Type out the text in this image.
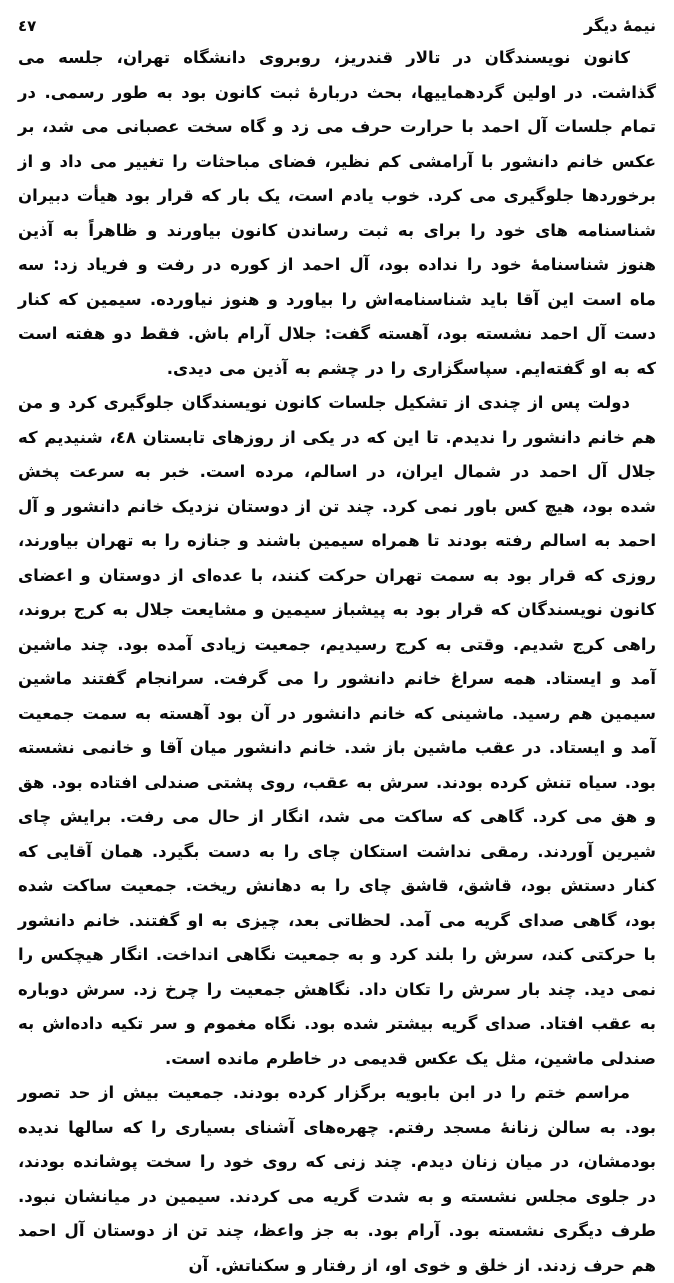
نیمهٔ دیگر
٤٧

کانون نویسندگان در تالار قندریز، روبروی دانشگاه تهران، جلسه می گذاشت. در اولین گردهماییها، بحث دربارهٔ ثبت کانون بود به طور رسمی. در تمام جلسات آل احمد با حرارت حرف می زد و گاه سخت عصبانی می شد، بر عکس خانم دانشور با آرامشی کم نظیر، فضای مباحثات را تغییر می داد و از برخوردها جلوگیری می کرد. خوب یادم است، یک بار که قرار بود هیأت دبیران شناسنامه های خود را برای به ثبت رساندن کانون بیاورند و ظاهراً به آذین هنوز شناسنامهٔ خود را نداده بود، آل احمد از کوره در رفت و فریاد زد: سه ماه است این آقا باید شناسنامه‌اش را بیاورد و هنوز نیاورده. سیمین که کنار دست آل احمد نشسته بود، آهسته گفت: جلال آرام باش. فقط دو هفته است که به او گفته‌ایم. سپاسگزاری را در چشم به آذین می دیدی.

دولت پس از چندی از تشکیل جلسات کانون نویسندگان جلوگیری کرد و من هم خانم دانشور را ندیدم. تا این که در یکی از روزهای تابستان ٤٨، شنیدیم که جلال آل احمد در شمال ایران، در اسالم، مرده است. خبر به سرعت پخش شده بود، هیچ کس باور نمی کرد. چند تن از دوستان نزدیک خانم دانشور و آل احمد به اسالم رفته بودند تا همراه سیمین باشند و جنازه را به تهران بیاورند، روزی که قرار بود به سمت تهران حرکت کنند، با عده‌ای از دوستان و اعضای کانون نویسندگان که قرار بود به پیشباز سیمین و مشایعت جلال به کرج بروند، راهی کرج شدیم. وقتی به کرج رسیدیم، جمعیت زیادی آمده بود. چند ماشین آمد و ایستاد. همه سراغ خانم دانشور را می گرفت. سرانجام گفتند ماشین سیمین هم رسید. ماشینی که خانم دانشور در آن بود آهسته به سمت جمعیت آمد و ایستاد. در عقب ماشین باز شد. خانم دانشور میان آقا و خانمی نشسته بود. سیاه تنش کرده بودند. سرش به عقب، روی پشتی صندلی افتاده بود. هق و هق می کرد. گاهی که ساکت می شد، انگار از حال می رفت. برایش چای شیرین آوردند. رمقی نداشت استکان چای را به دست بگیرد. همان آقایی که کنار دستش بود، قاشق، قاشق چای را به دهانش ریخت. جمعیت ساکت شده بود، گاهی صدای گریه می آمد. لحظاتی بعد، چیزی به او گفتند. خانم دانشور با حرکتی کند، سرش را بلند کرد و به جمعیت نگاهی انداخت. انگار هیچکس را نمی دید. چند بار سرش را تکان داد. نگاهش جمعیت را چرخ زد. سرش دوباره به عقب افتاد. صدای گریه بیشتر شده بود. نگاه مغموم و سر تکیه داده‌اش به صندلی ماشین، مثل یک عکس قدیمی در خاطرم مانده است.

مراسم ختم را در ابن بابویه برگزار کرده بودند. جمعیت بیش از حد تصور بود. به سالن زنانهٔ مسجد رفتم. چهره‌های آشنای بسیاری را که سالها ندیده بودمشان، در میان زنان دیدم. چند زنی که روی خود را سخت پوشانده بودند، در جلوی مجلس نشسته و به شدت گریه می کردند. سیمین در میانشان نبود. طرف دیگری نشسته بود. آرام بود. به جز واعظ، چند تن از دوستان آل احمد هم حرف زدند. از خلق و خوی او، از رفتار و سکناتش. آن
